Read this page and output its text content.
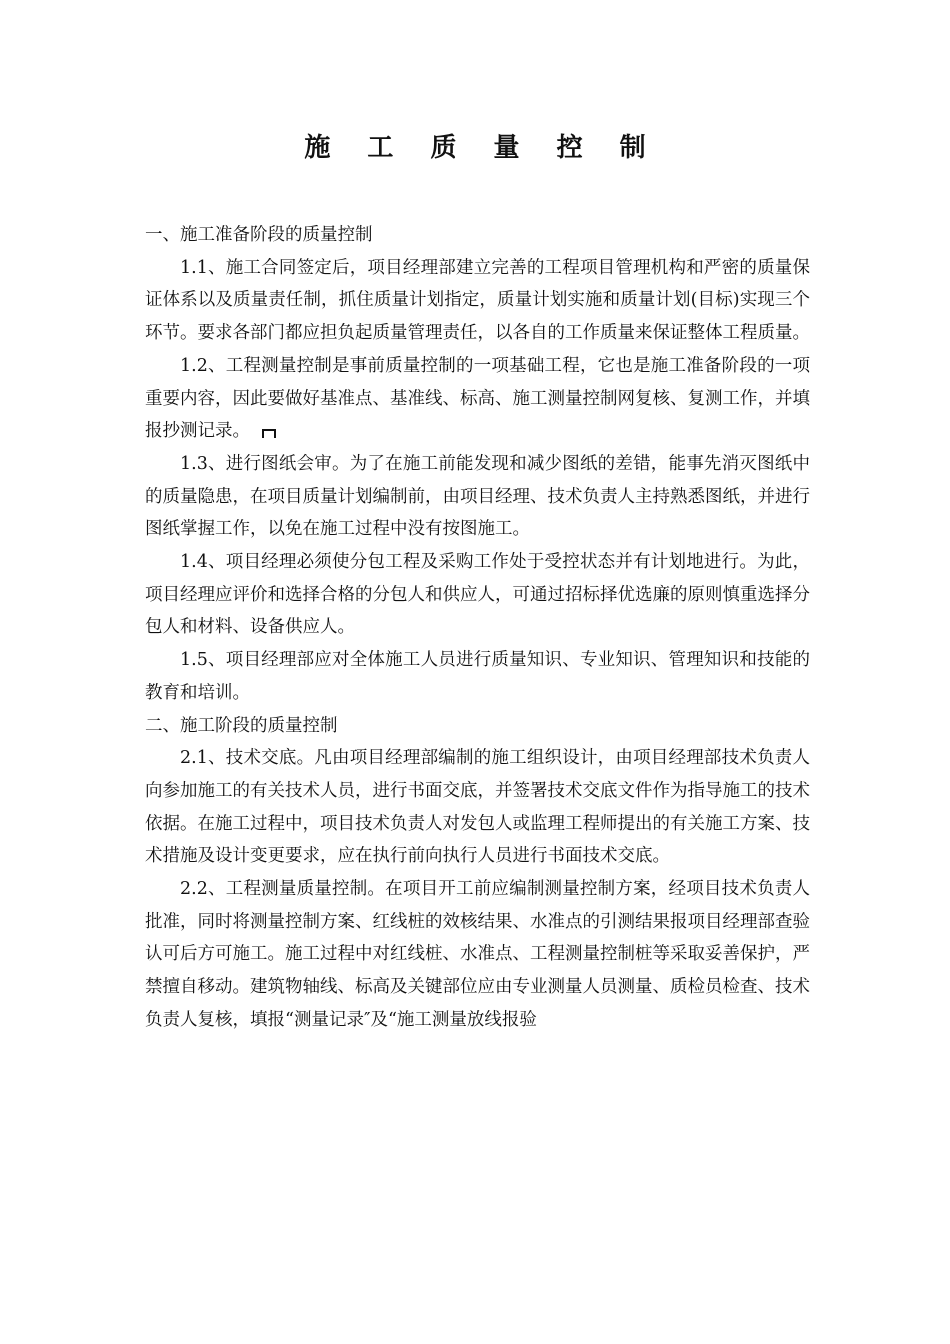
施 工 质 量 控 制

一、施工准备阶段的质量控制

1.1、施工合同签定后，项目经理部建立完善的工程项目管理机构和严密的质量保证体系以及质量责任制，抓住质量计划指定，质量计划实施和质量计划(目标)实现三个环节。要求各部门都应担负起质量管理责任，以各自的工作质量来保证整体工程质量。

1.2、工程测量控制是事前质量控制的一项基础工程，它也是施工准备阶段的一项重要内容，因此要做好基准点、基准线、标高、施工测量控制网复核、复测工作，并填报抄测记录。

1.3、进行图纸会审。为了在施工前能发现和减少图纸的差错，能事先消灭图纸中的质量隐患，在项目质量计划编制前，由项目经理、技术负责人主持熟悉图纸，并进行图纸掌握工作，以免在施工过程中没有按图施工。

1.4、项目经理必须使分包工程及采购工作处于受控状态并有计划地进行。为此，项目经理应评价和选择合格的分包人和供应人，可通过招标择优选廉的原则慎重选择分包人和材料、设备供应人。

1.5、项目经理部应对全体施工人员进行质量知识、专业知识、管理知识和技能的教育和培训。

二、施工阶段的质量控制

2.1、技术交底。凡由项目经理部编制的施工组织设计，由项目经理部技术负责人向参加施工的有关技术人员，进行书面交底，并签署技术交底文件作为指导施工的技术依据。在施工过程中，项目技术负责人对发包人或监理工程师提出的有关施工方案、技术措施及设计变更要求，应在执行前向执行人员进行书面技术交底。

2.2、工程测量质量控制。在项目开工前应编制测量控制方案，经项目技术负责人批准，同时将测量控制方案、红线桩的效核结果、水准点的引测结果报项目经理部查验认可后方可施工。施工过程中对红线桩、水准点、工程测量控制桩等采取妥善保护，严禁擅自移动。建筑物轴线、标高及关键部位应由专业测量人员测量、质检员检查、技术负责人复核，填报“测量记录″及“施工测量放线报验
